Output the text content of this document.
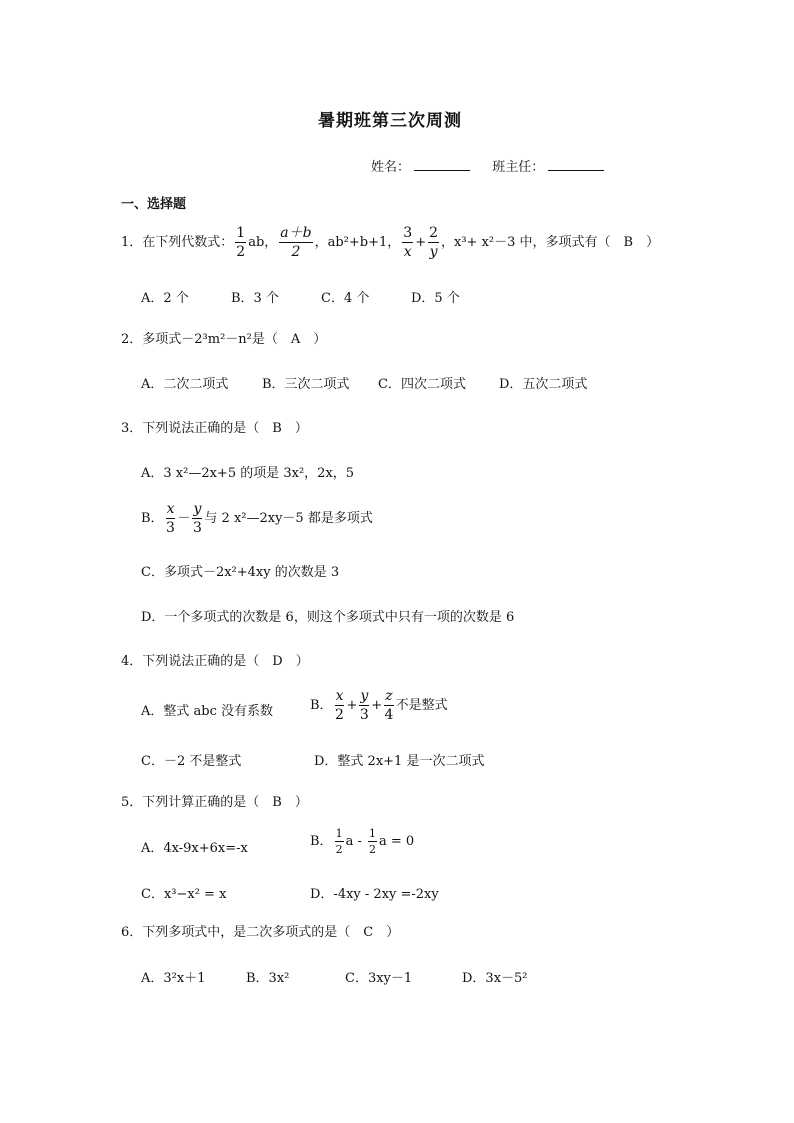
暑期班第三次周测
姓名：	班主任：
一、选择题
1．在下列代数式： $\frac{1}{2}$ ab， $\frac{a+b}{2}$ ，ab²+b+1， $\frac{3}{x} + \frac{2}{y}$ ，x³+ x²－3 中，多项式有（　B　）
A．2 个	B．3 个	C．4 个	D．5 个
2．多项式－2³m²－n²是（　A　）
A．二次二项式	B．三次二项式 C．四次二项式	D．五次二项式
3．下列说法正确的是（　B　）
A．3 x²—2x+5 的项是 3x²，2x，5
B． $\frac{x}{3} - \frac{y}{3}$ 与 2 x²—2xy－5 都是多项式
C．多项式－2x²+4xy 的次数是 3
D．一个多项式的次数是 6，则这个多项式中只有一项的次数是 6
4．下列说法正确的是（　D　）
A．整式 abc 没有系数	B． $\frac{x}{2} + \frac{y}{3} + \frac{z}{4}$ 不是整式
C．－2 不是整式	D．整式 2x+1 是一次二项式
5．下列计算正确的是（　B　）
A．4x-9x+6x=-x	B． $\frac{1}{2}$ a - $\frac{1}{2}$ a = 0
C．x³−x² = x	D．-4xy - 2xy =-2xy
6．下列多项式中，是二次多项式的是（　C　）
A．3²x＋1	B．3x²	C．3xy－1	D．3x－5²
